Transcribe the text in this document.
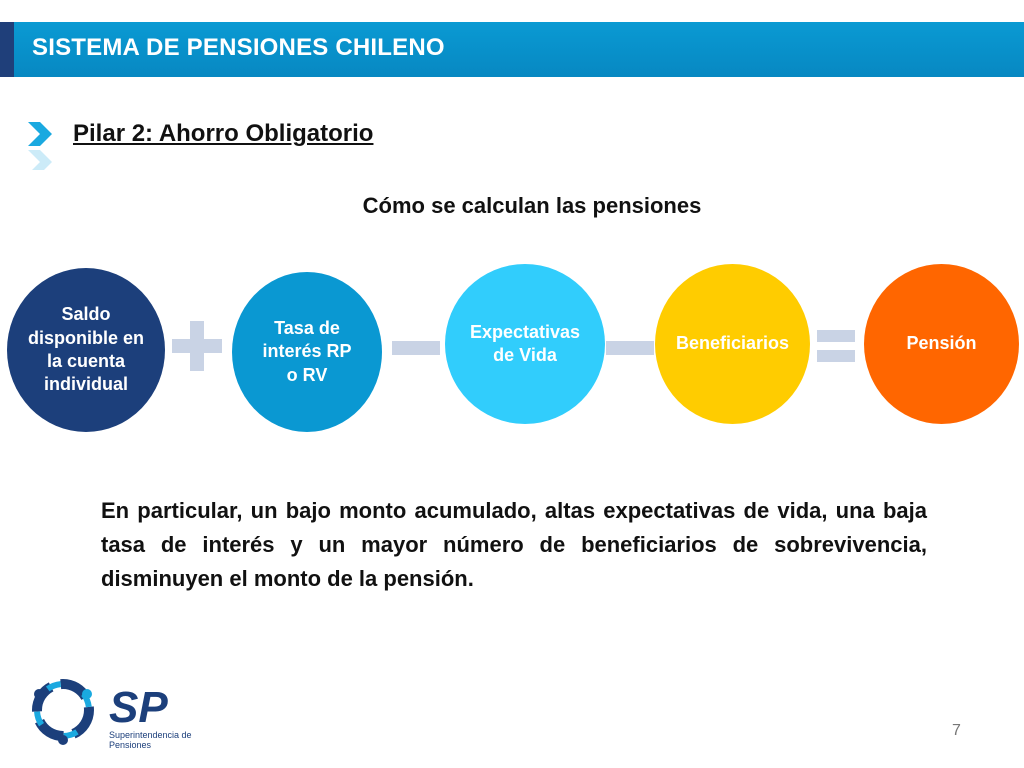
SISTEMA DE PENSIONES CHILENO
Pilar 2: Ahorro Obligatorio
Cómo se calculan las pensiones
Saldo disponible en la cuenta individual
Tasa de interés RP o RV
Expectativas de Vida
Beneficiarios	Pensión
En particular, un bajo monto acumulado, altas expectativas de vida, una baja tasa de interés y un mayor número de beneficiarios de sobrevivencia, disminuyen el monto de la pensión.
SP
Superintendencia de
Pensiones
7
